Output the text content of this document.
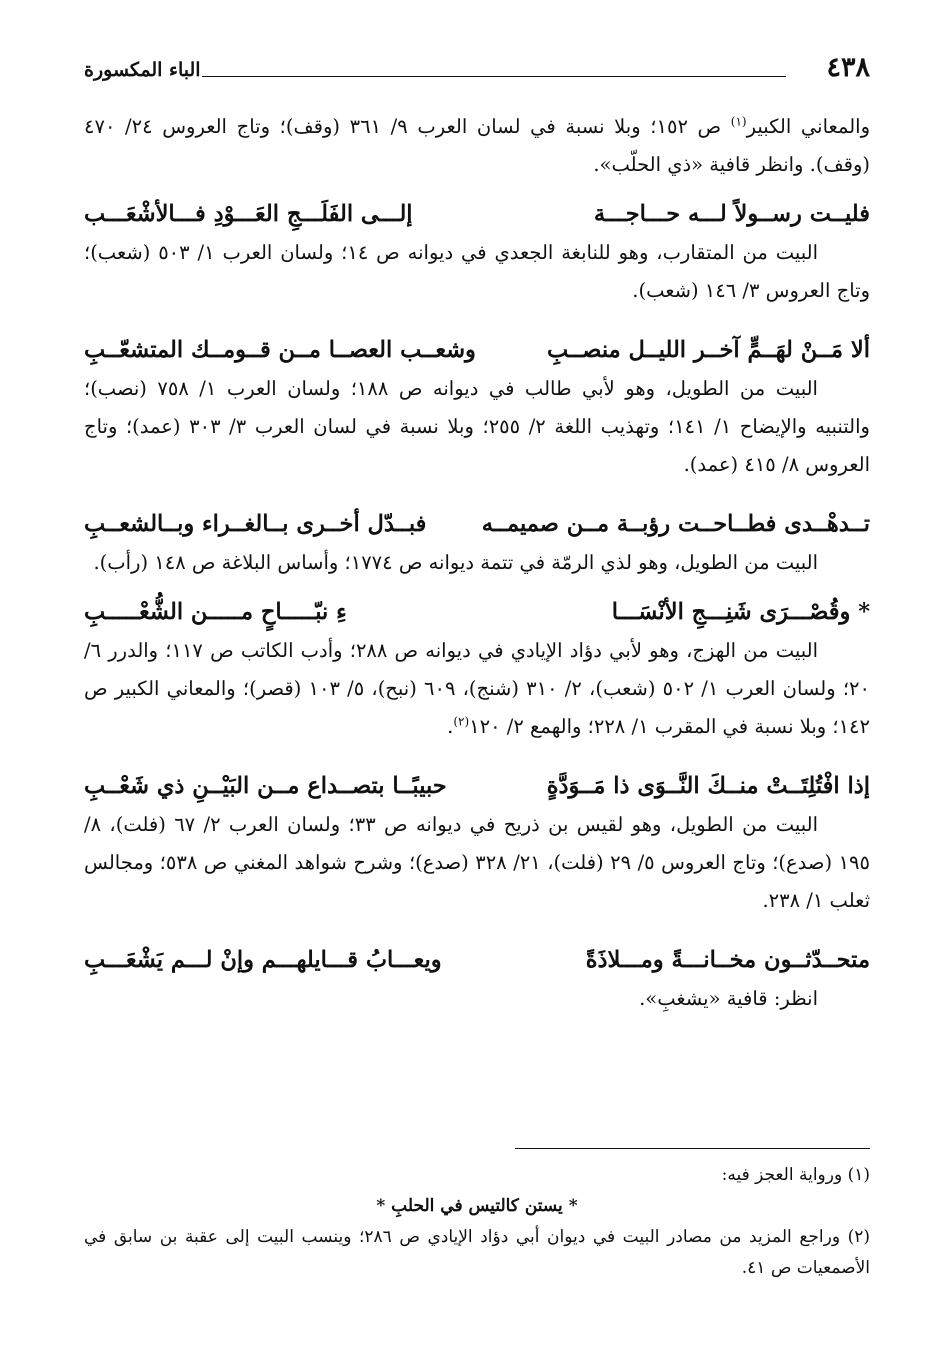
٤٣٨
الباء المكسورة

والمعاني الكبير$^{(١)}$ ص ١٥٢؛ وبلا نسبة في لسان العرب ٩/ ٣٦١ (وقف)؛ وتاج العروس ٢٤/ ٤٧٠ (وقف). وانظر قافية «ذي الحلّب».

فليــت رســولاً لـــه حـــاجـــة
إلـــى الفَلَـــجِ العَـــوْدِ فـــالأشْعَـــب

البيت من المتقارب، وهو للنابغة الجعدي في ديوانه ص ١٤؛ ولسان العرب ١/ ٥٠٣ (شعب)؛ وتاج العروس ٣/ ١٤٦ (شعب).

ألا مَــنْ لهَــمٍّ آخــر الليــل منصــبِ
وشعــب العصــا مــن قــومــك المتشعّــبِ

البيت من الطويل، وهو لأبي طالب في ديوانه ص ١٨٨؛ ولسان العرب ١/ ٧٥٨ (نصب)؛ والتنبيه والإيضاح ١/ ١٤١؛ وتهذيب اللغة ٢/ ٢٥٥؛ وبلا نسبة في لسان العرب ٣/ ٣٠٣ (عمد)؛ وتاج العروس ٨/ ٤١٥ (عمد).

تــدهْــدى فطــاحــت رؤبــة مــن صميمــه
فبــدّل أخــرى بــالغــراء وبــالشعــبِ

البيت من الطويل، وهو لذي الرمّة في تتمة ديوانه ص ١٧٧٤؛ وأساس البلاغة ص ١٤٨ (رأب).

* وقُصْـــرَى شَنِـــجِ الأنْسَـــا
ءِ نبّـــــاحٍ مـــــن الشُّعْـــــبِ

البيت من الهزج، وهو لأبي دؤاد الإيادي في ديوانه ص ٢٨٨؛ وأدب الكاتب ص ١١٧؛ والدرر ٦/ ٢٠؛ ولسان العرب ١/ ٥٠٢ (شعب)، ٢/ ٣١٠ (شنج)، ٦٠٩ (نبح)، ٥/ ١٠٣ (قصر)؛ والمعاني الكبير ص ١٤٢؛ وبلا نسبة في المقرب ١/ ٢٢٨؛ والهمع ٢/ ١٢٠$^{(٢)}$.

إذا افْتُلِتَــتْ منــكَ النَّــوَى ذا مَــوَدَّةٍ
حبيبًــا بتصــداع مــن البَيْــنِ ذي شَعْــبِ

البيت من الطويل، وهو لقيس بن ذريح في ديوانه ص ٣٣؛ ولسان العرب ٢/ ٦٧ (فلت)، ٨/ ١٩٥ (صدع)؛ وتاج العروس ٥/ ٢٩ (فلت)، ٢١/ ٣٢٨ (صدع)؛ وشرح شواهد المغني ص ٥٣٨؛ ومجالس ثعلب ١/ ٢٣٨.

متحــدّثــون مخــانـــةً ومـــلاذَةً
ويعـــابُ قـــايلهـــم وإنْ لـــم يَشْعَـــبِ

انظر: قافية «يشغبِ».

(١) ورواية العجز فيه:

* يستن كالتيس في الحلبِ *

(٢) وراجع المزيد من مصادر البيت في ديوان أبي دؤاد الإيادي ص ٢٨٦؛ وينسب البيت إلى عقبة بن سابق في الأصمعيات ص ٤١.
